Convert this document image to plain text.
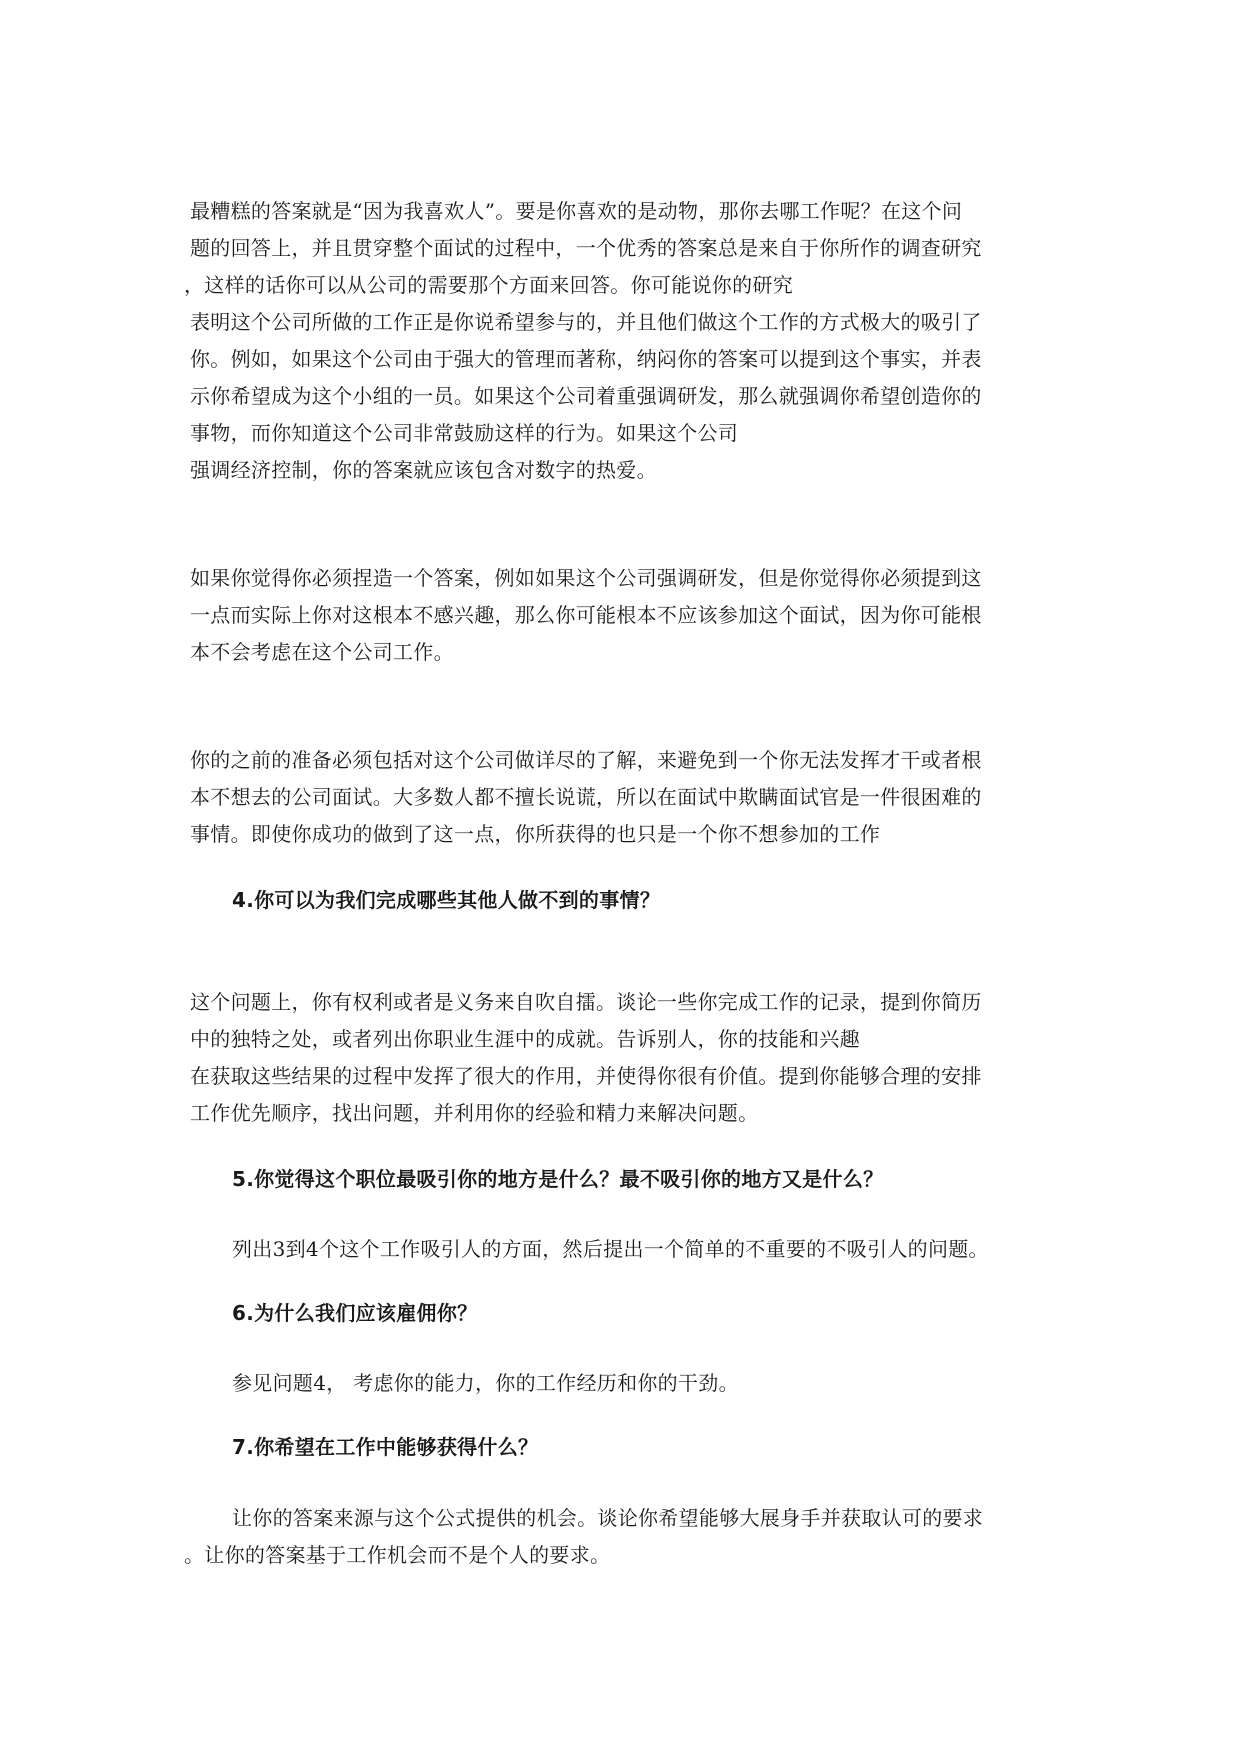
最糟糕的答案就是“因为我喜欢人”。要是你喜欢的是动物，那你去哪工作呢？在这个问
题的回答上，并且贯穿整个面试的过程中，一个优秀的答案总是来自于你所作的调查研究
，这样的话你可以从公司的需要那个方面来回答。你可能说你的研究
表明这个公司所做的工作正是你说希望参与的，并且他们做这个工作的方式极大的吸引了
你。例如，如果这个公司由于强大的管理而著称，纳闷你的答案可以提到这个事实，并表
示你希望成为这个小组的一员。如果这个公司着重强调研发，那么就强调你希望创造你的
事物，而你知道这个公司非常鼓励这样的行为。如果这个公司
强调经济控制，你的答案就应该包含对数字的热爱。
如果你觉得你必须捏造一个答案，例如如果这个公司强调研发，但是你觉得你必须提到这
一点而实际上你对这根本不感兴趣，那么你可能根本不应该参加这个面试，因为你可能根
本不会考虑在这个公司工作。
你的之前的准备必须包括对这个公司做详尽的了解，来避免到一个你无法发挥才干或者根
本不想去的公司面试。大多数人都不擅长说谎，所以在面试中欺瞒面试官是一件很困难的
事情。即使你成功的做到了这一点，你所获得的也只是一个你不想参加的工作
4.你可以为我们完成哪些其他人做不到的事情？
这个问题上，你有权利或者是义务来自吹自擂。谈论一些你完成工作的记录，提到你简历
中的独特之处，或者列出你职业生涯中的成就。告诉别人，你的技能和兴趣
在获取这些结果的过程中发挥了很大的作用，并使得你很有价值。提到你能够合理的安排
工作优先顺序，找出问题，并利用你的经验和精力来解决问题。
5.你觉得这个职位最吸引你的地方是什么？最不吸引你的地方又是什么？
列出3到4个这个工作吸引人的方面，然后提出一个简单的不重要的不吸引人的问题。
6.为什么我们应该雇佣你？
参见问题4， 考虑你的能力，你的工作经历和你的干劲。
7.你希望在工作中能够获得什么？
让你的答案来源与这个公式提供的机会。谈论你希望能够大展身手并获取认可的要求
。让你的答案基于工作机会而不是个人的要求。
